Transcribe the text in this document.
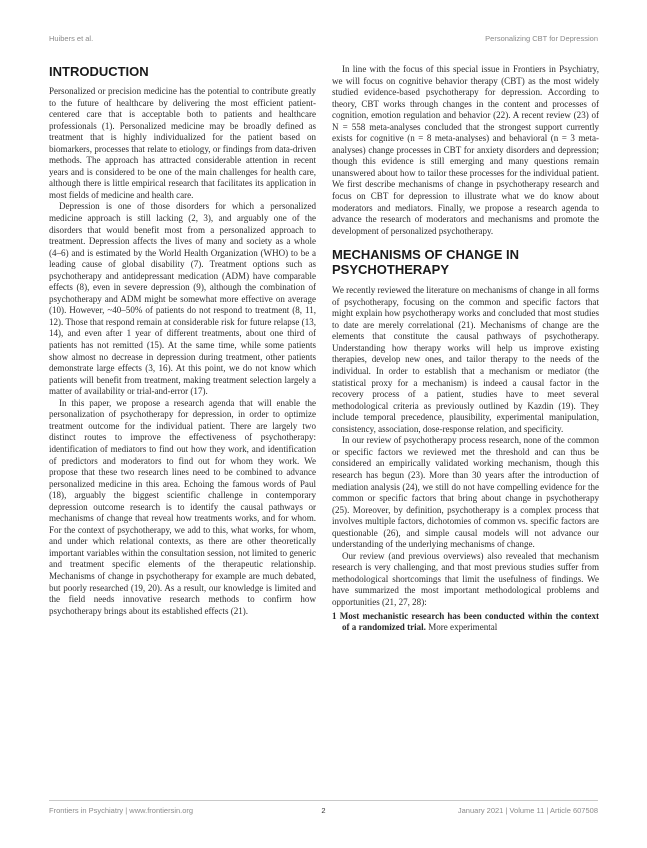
Huibers et al.	Personalizing CBT for Depression
INTRODUCTION

Personalized or precision medicine has the potential to contribute greatly to the future of healthcare by delivering the most efficient patient-centered care that is acceptable both to patients and healthcare professionals (1). Personalized medicine may be broadly defined as treatment that is highly individualized for the patient based on biomarkers, processes that relate to etiology, or findings from data-driven methods. The approach has attracted considerable attention in recent years and is considered to be one of the main challenges for health care, although there is little empirical research that facilitates its application in most fields of medicine and health care.

Depression is one of those disorders for which a personalized medicine approach is still lacking (2, 3), and arguably one of the disorders that would benefit most from a personalized approach to treatment. Depression affects the lives of many and society as a whole (4–6) and is estimated by the World Health Organization (WHO) to be a leading cause of global disability (7). Treatment options such as psychotherapy and antidepressant medication (ADM) have comparable effects (8), even in severe depression (9), although the combination of psychotherapy and ADM might be somewhat more effective on average (10). However, ~40–50% of patients do not respond to treatment (8, 11, 12). Those that respond remain at considerable risk for future relapse (13, 14), and even after 1 year of different treatments, about one third of patients has not remitted (15). At the same time, while some patients show almost no decrease in depression during treatment, other patients demonstrate large effects (3, 16). At this point, we do not know which patients will benefit from treatment, making treatment selection largely a matter of availability or trial-and-error (17).

In this paper, we propose a research agenda that will enable the personalization of psychotherapy for depression, in order to optimize treatment outcome for the individual patient. There are largely two distinct routes to improve the effectiveness of psychotherapy: identification of mediators to find out how they work, and identification of predictors and moderators to find out for whom they work. We propose that these two research lines need to be combined to advance personalized medicine in this area. Echoing the famous words of Paul (18), arguably the biggest scientific challenge in contemporary depression outcome research is to identify the causal pathways or mechanisms of change that reveal how treatments works, and for whom. For the context of psychotherapy, we add to this, what works, for whom, and under which relational contexts, as there are other theoretically important variables within the consultation session, not limited to generic and treatment specific elements of the therapeutic relationship. Mechanisms of change in psychotherapy for example are much debated, but poorly researched (19, 20). As a result, our knowledge is limited and the field needs innovative research methods to confirm how psychotherapy brings about its established effects (21).

In line with the focus of this special issue in Frontiers in Psychiatry, we will focus on cognitive behavior therapy (CBT) as the most widely studied evidence-based psychotherapy for depression. According to theory, CBT works through changes in the content and processes of cognition, emotion regulation and behavior (22). A recent review (23) of N = 558 meta-analyses concluded that the strongest support currently exists for cognitive (n = 8 meta-analyses) and behavioral (n = 3 meta-analyses) change processes in CBT for anxiety disorders and depression; though this evidence is still emerging and many questions remain unanswered about how to tailor these processes for the individual patient. We first describe mechanisms of change in psychotherapy research and focus on CBT for depression to illustrate what we do know about moderators and mediators. Finally, we propose a research agenda to advance the research of moderators and mechanisms and promote the development of personalized psychotherapy.

MECHANISMS OF CHANGE IN PSYCHOTHERAPY

We recently reviewed the literature on mechanisms of change in all forms of psychotherapy, focusing on the common and specific factors that might explain how psychotherapy works and concluded that most studies to date are merely correlational (21). Mechanisms of change are the elements that constitute the causal pathways of psychotherapy. Understanding how therapy works will help us improve existing therapies, develop new ones, and tailor therapy to the needs of the individual. In order to establish that a mechanism or mediator (the statistical proxy for a mechanism) is indeed a causal factor in the recovery process of a patient, studies have to meet several methodological criteria as previously outlined by Kazdin (19). They include temporal precedence, plausibility, experimental manipulation, consistency, association, dose-response relation, and specificity.

In our review of psychotherapy process research, none of the common or specific factors we reviewed met the threshold and can thus be considered an empirically validated working mechanism, though this research has begun (23). More than 30 years after the introduction of mediation analysis (24), we still do not have compelling evidence for the common or specific factors that bring about change in psychotherapy (25). Moreover, by definition, psychotherapy is a complex process that involves multiple factors, dichotomies of common vs. specific factors are questionable (26), and simple causal models will not advance our understanding of the underlying mechanisms of change.

Our review (and previous overviews) also revealed that mechanism research is very challenging, and that most previous studies suffer from methodological shortcomings that limit the usefulness of findings. We have summarized the most important methodological problems and opportunities (21, 27, 28):

1 Most mechanistic research has been conducted within the context of a randomized trial. More experimental

Frontiers in Psychiatry | www.frontiersin.org	2	January 2021 | Volume 11 | Article 607508
